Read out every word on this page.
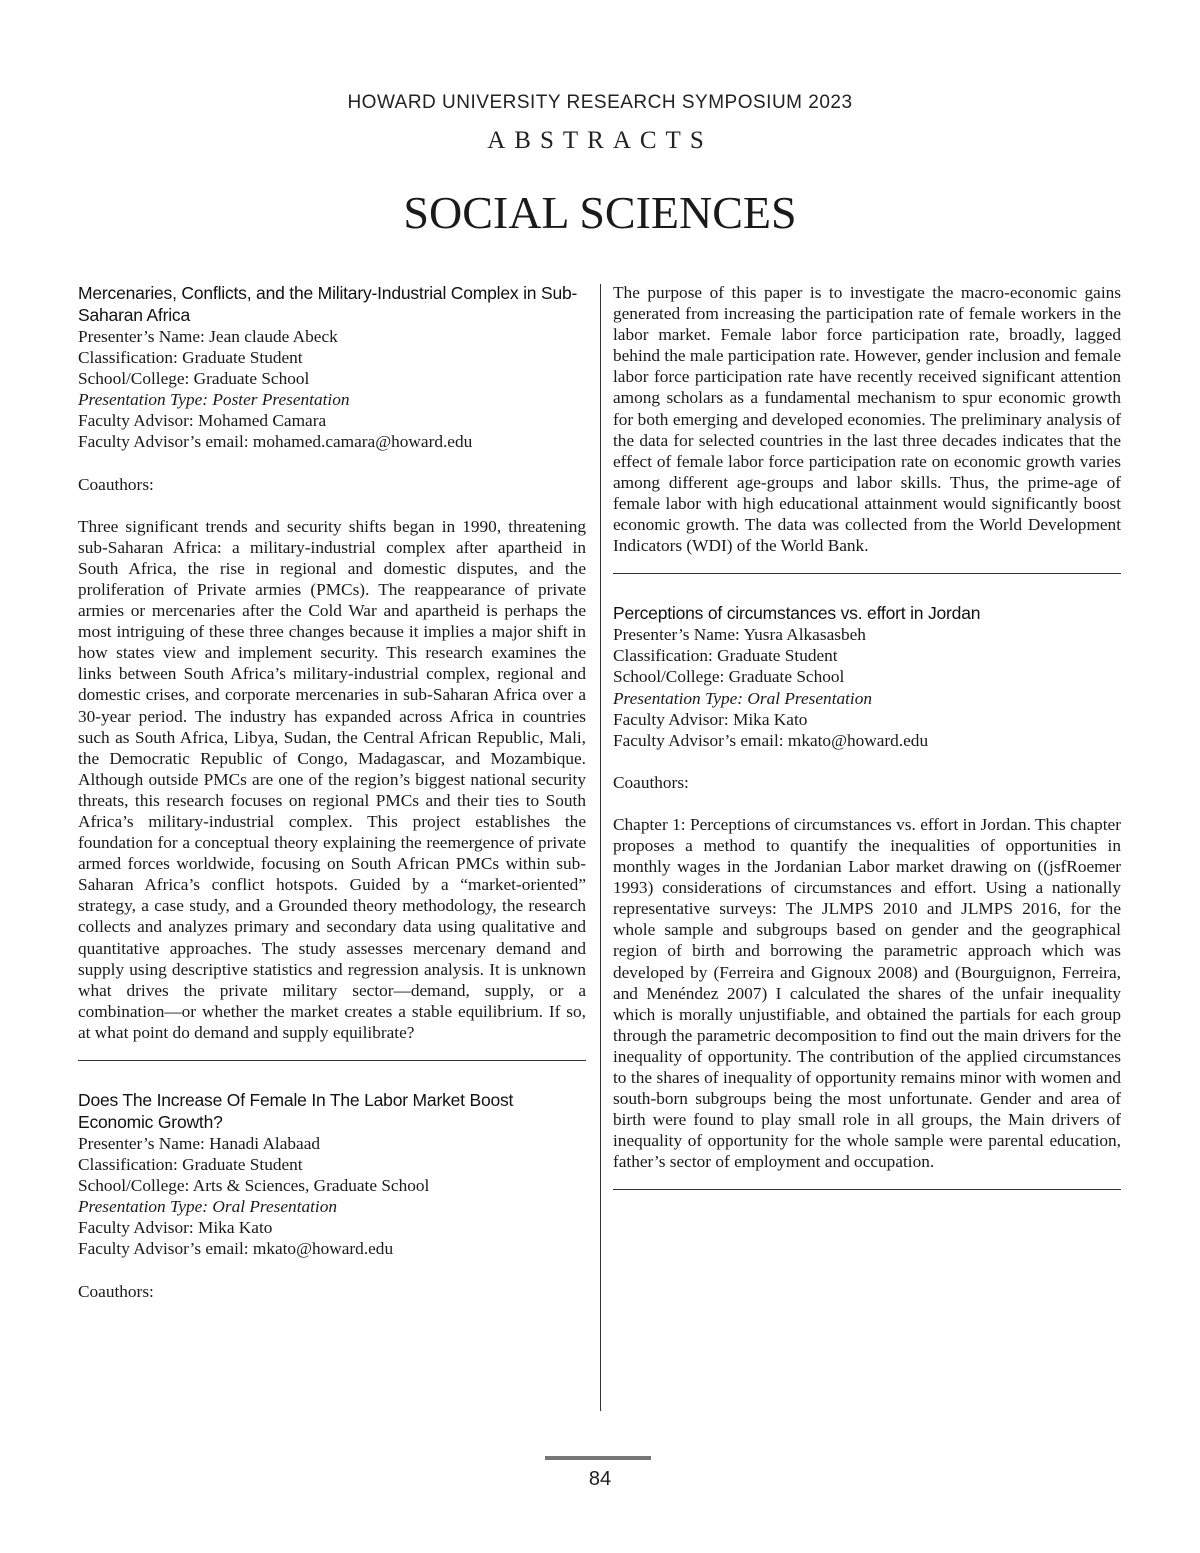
HOWARD UNIVERSITY RESEARCH SYMPOSIUM 2023
ABSTRACTS
SOCIAL SCIENCES
Mercenaries, Conflicts, and the Military-Industrial Complex in Sub-Saharan Africa
Presenter’s Name: Jean claude Abeck
Classification: Graduate Student
School/College: Graduate School
Presentation Type: Poster Presentation
Faculty Advisor: Mohamed Camara
Faculty Advisor’s email: mohamed.camara@howard.edu
Coauthors:
Three significant trends and security shifts began in 1990, threatening sub-Saharan Africa: a military-industrial complex after apartheid in South Africa, the rise in regional and domestic disputes, and the proliferation of Private armies (PMCs). The reappearance of private armies or mercenaries after the Cold War and apartheid is perhaps the most intriguing of these three changes because it implies a major shift in how states view and implement security. This research examines the links between South Africa’s military-industrial complex, regional and domestic crises, and corporate mercenaries in sub-Saharan Africa over a 30-year period. The industry has expanded across Africa in countries such as South Africa, Libya, Sudan, the Central African Republic, Mali, the Democratic Republic of Congo, Madagascar, and Mozambique. Although outside PMCs are one of the region’s biggest national security threats, this research focuses on regional PMCs and their ties to South Africa’s military-industrial complex. This project establishes the foundation for a conceptual theory explaining the reemergence of private armed forces worldwide, focusing on South African PMCs within sub-Saharan Africa’s conflict hotspots. Guided by a “market-oriented” strategy, a case study, and a Grounded theory methodology, the research collects and analyzes primary and secondary data using qualitative and quantitative approaches. The study assesses mercenary demand and supply using descriptive statistics and regression analysis. It is unknown what drives the private military sector—demand, supply, or a combination—or whether the market creates a stable equilibrium. If so, at what point do demand and supply equilibrate?
Does The Increase Of Female In The Labor Market Boost Economic Growth?
Presenter’s Name: Hanadi Alabaad
Classification: Graduate Student
School/College: Arts & Sciences, Graduate School
Presentation Type: Oral Presentation
Faculty Advisor: Mika Kato
Faculty Advisor’s email: mkato@howard.edu
Coauthors:
The purpose of this paper is to investigate the macro-economic gains generated from increasing the participation rate of female workers in the labor market. Female labor force participation rate, broadly, lagged behind the male participation rate. However, gender inclusion and female labor force participation rate have recently received significant attention among scholars as a fundamental mechanism to spur economic growth for both emerging and developed economies. The preliminary analysis of the data for selected countries in the last three decades indicates that the effect of female labor force participation rate on economic growth varies among different age-groups and labor skills. Thus, the prime-age of female labor with high educational attainment would significantly boost economic growth. The data was collected from the World Development Indicators (WDI) of the World Bank.
Perceptions of circumstances vs. effort in Jordan
Presenter’s Name: Yusra Alkasasbeh
Classification: Graduate Student
School/College: Graduate School
Presentation Type: Oral Presentation
Faculty Advisor: Mika Kato
Faculty Advisor’s email: mkato@howard.edu
Coauthors:
Chapter 1: Perceptions of circumstances vs. effort in Jordan. This chapter proposes a method to quantify the inequalities of opportunities in monthly wages in the Jordanian Labor market drawing on ((jsfRoemer 1993) considerations of circumstances and effort. Using a nationally representative surveys: The JLMPS 2010 and JLMPS 2016, for the whole sample and subgroups based on gender and the geographical region of birth and borrowing the parametric approach which was developed by (Ferreira and Gignoux 2008) and (Bourguignon, Ferreira, and Menéndez 2007) I calculated the shares of the unfair inequality which is morally unjustifiable, and obtained the partials for each group through the parametric decomposition to find out the main drivers for the inequality of opportunity. The contribution of the applied circumstances to the shares of inequality of opportunity remains minor with women and south-born subgroups being the most unfortunate. Gender and area of birth were found to play small role in all groups, the Main drivers of inequality of opportunity for the whole sample were parental education, father’s sector of employment and occupation.
84
